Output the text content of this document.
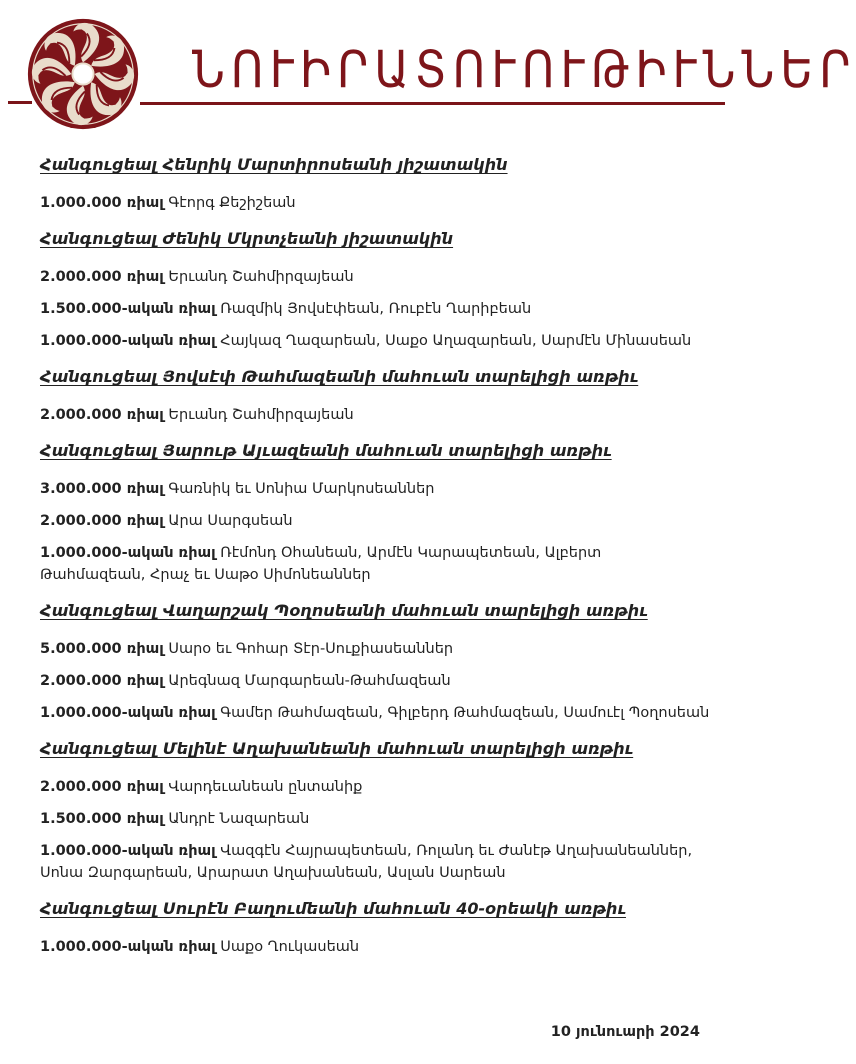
ՆՈՒԻՐԱՏՈՒՈՒԹԻՒՆՆԵՐ
Հանգուցեալ Հենրիկ Մարտիրոսեանի յիշատակին
1.000.000 ռիալ Գէորգ Քեշիշեան
Հանգուցեալ Ժենիկ Մկրտչեանի յիշատակին
2.000.000 ռիալ Երւանդ Շահմիրզայեան
1.500.000-ական ռիալ Ռազմիկ Յովսէփեան, Ռուբէն Ղարիբեան
1.000.000-ական ռիալ Հայկազ Ղազարեան, Սաքօ Աղազարեան, Սարմէն Մինասեան
Հանգուցեալ Յովսէփ Թահմազեանի մահուան տարելիցի առթիւ
2.000.000 ռիալ Երւանդ Շահմիրզայեան
Հանգուցեալ Յարութ Այւազեանի մահուան տարելիցի առթիւ
3.000.000 ռիալ Գառնիկ եւ Սոնիա Մարկոսեաններ
2.000.000 ռիալ Արա Սարգսեան
1.000.000-ական ռիալ Ռէմոնդ Օհանեան, Արմէն Կարապետեան, Ալբերտ Թահմազեան, Հրաչ եւ Սաթօ Սիմոնեաններ
Հանգուցեալ Վաղարշակ Պօղոսեանի մահուան տարելիցի առթիւ
5.000.000 ռիալ Սարօ եւ Գոհար Տէր-Սուքիասեաններ
2.000.000 ռիալ Արեգնազ Մարգարեան-Թահմազեան
1.000.000-ական ռիալ Գամեր Թահմազեան, Գիլբերդ Թահմազեան, Սամուէլ Պօղոսեան
Հանգուցեալ Մելինէ Աղախանեանի մահուան տարելիցի առթիւ
2.000.000 ռիալ Վարդեւանեան ընտանիք
1.500.000 ռիալ Անդրէ Նազարեան
1.000.000-ական ռիալ Վազգէն Հայրապետեան, Ռոլանդ եւ Ժանէթ Աղախանեաններ, Սոնա Զարգարեան, Արարատ Աղախանեան, Ասլան Սարեան
Հանգուցեալ Սուրէն Բաղումեանի մահուան 40-օրեակի առթիւ
1.000.000-ական ռիալ Սաքօ Ղուկասեան
10 յունուարի 2024
